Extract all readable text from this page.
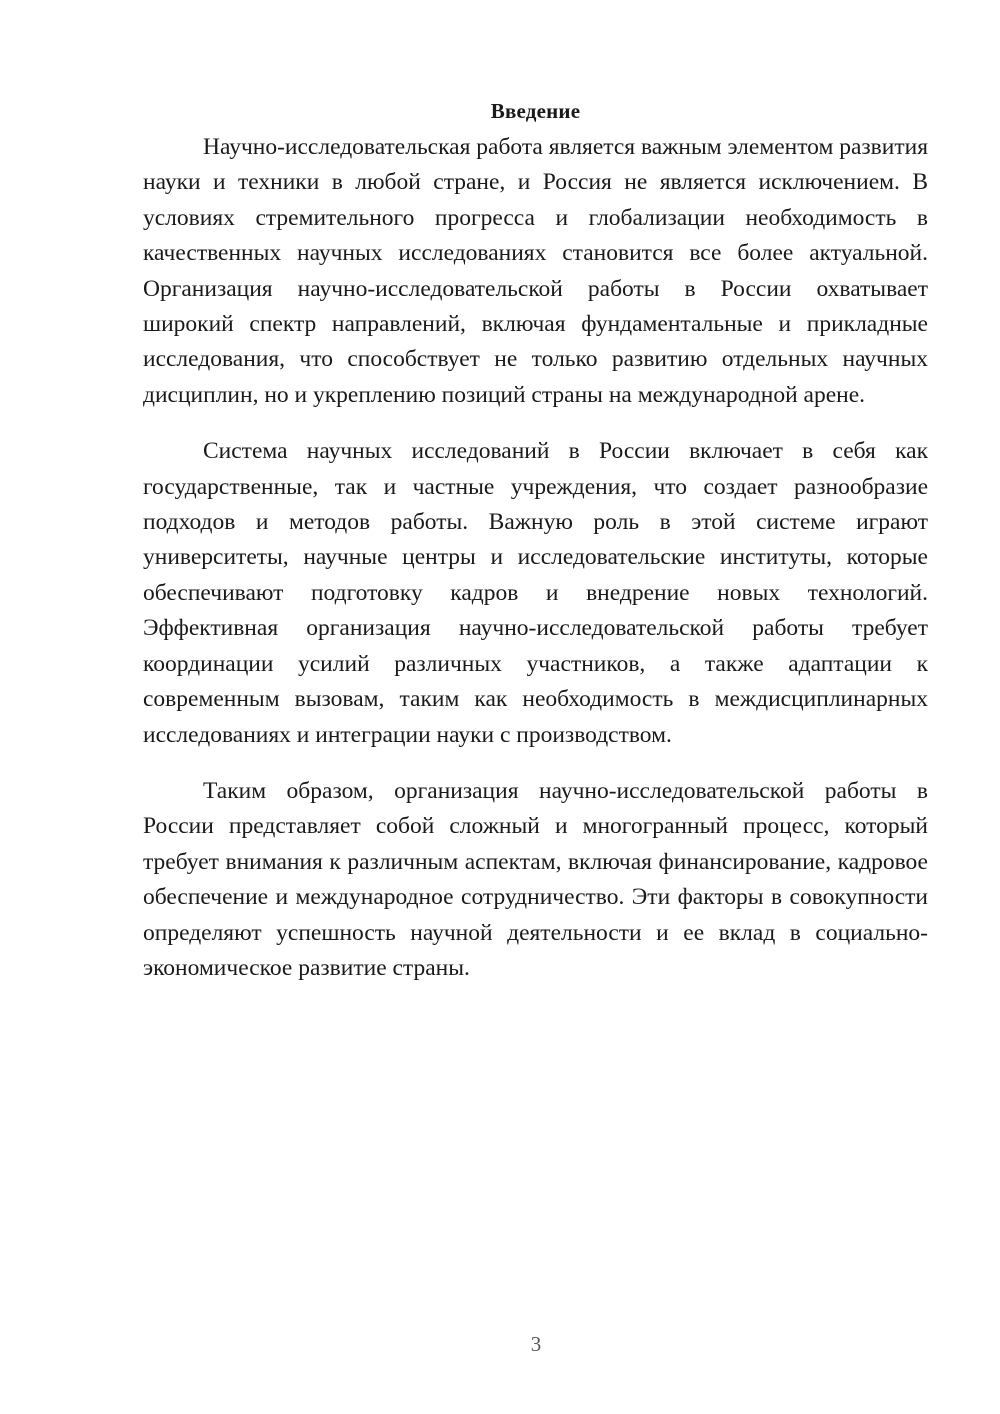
Введение

Научно-исследовательская работа является важным элементом развития науки и техники в любой стране, и Россия не является исключением. В условиях стремительного прогресса и глобализации необходимость в качественных научных исследованиях становится все более актуальной. Организация научно-исследовательской работы в России охватывает широкий спектр направлений, включая фундаментальные и прикладные исследования, что способствует не только развитию отдельных научных дисциплин, но и укреплению позиций страны на международной арене.

Система научных исследований в России включает в себя как государственные, так и частные учреждения, что создает разнообразие подходов и методов работы. Важную роль в этой системе играют университеты, научные центры и исследовательские институты, которые обеспечивают подготовку кадров и внедрение новых технологий. Эффективная организация научно-исследовательской работы требует координации усилий различных участников, а также адаптации к современным вызовам, таким как необходимость в междисциплинарных исследованиях и интеграции науки с производством.

Таким образом, организация научно-исследовательской работы в России представляет собой сложный и многогранный процесс, который требует внимания к различным аспектам, включая финансирование, кадровое обеспечение и международное сотрудничество. Эти факторы в совокупности определяют успешность научной деятельности и ее вклад в социально-экономическое развитие страны.

3
